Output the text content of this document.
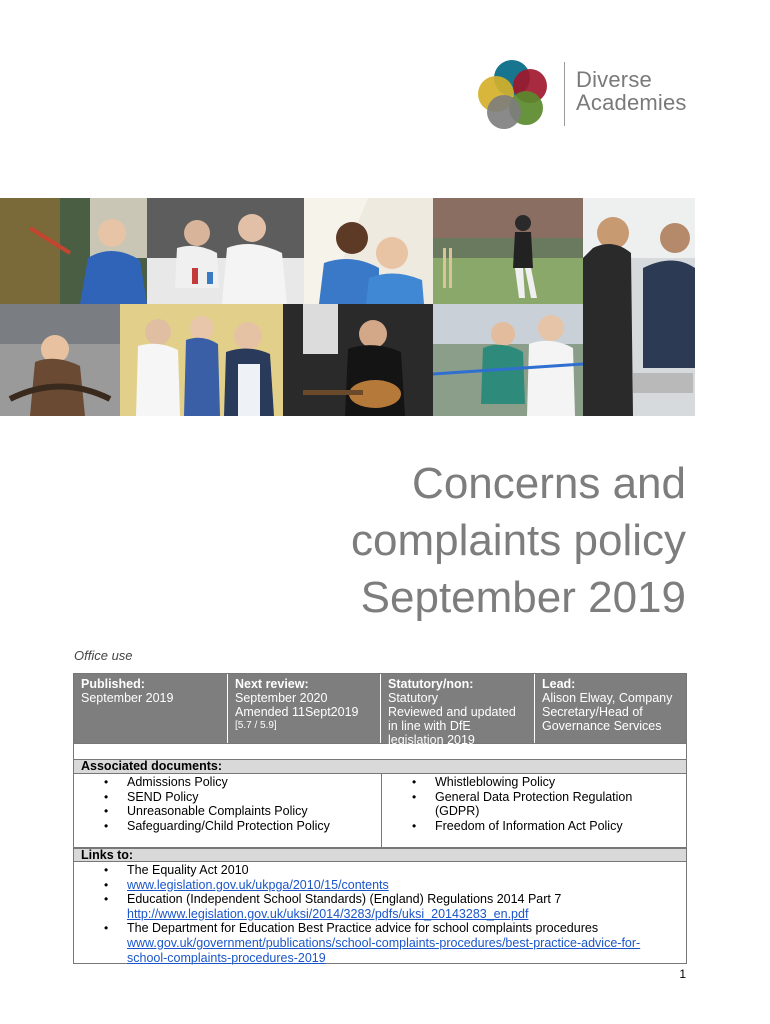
Diverse
Academies
Concerns and
complaints policy
September 2019
Office use
Published:
September 2019
Next review:
September 2020
Amended 11Sept2019
[5.7 / 5.9]
Statutory/non:
Statutory
Reviewed and updated
in line with DfE
legislation 2019
Lead:
Alison Elway, Company
Secretary/Head of
Governance Services
Associated documents:
• Admissions Policy
• SEND Policy
• Unreasonable Complaints Policy
• Safeguarding/Child Protection Policy
• Whistleblowing Policy
• General Data Protection Regulation
(GDPR)
• Freedom of Information Act Policy
Links to:
• The Equality Act 2010
• www.legislation.gov.uk/ukpga/2010/15/contents
• Education (Independent School Standards) (England) Regulations 2014 Part 7
http://www.legislation.gov.uk/uksi/2014/3283/pdfs/uksi_20143283_en.pdf
• The Department for Education Best Practice advice for school complaints procedures
www.gov.uk/government/publications/school-complaints-procedures/best-practice-advice-for-
school-complaints-procedures-2019
1
